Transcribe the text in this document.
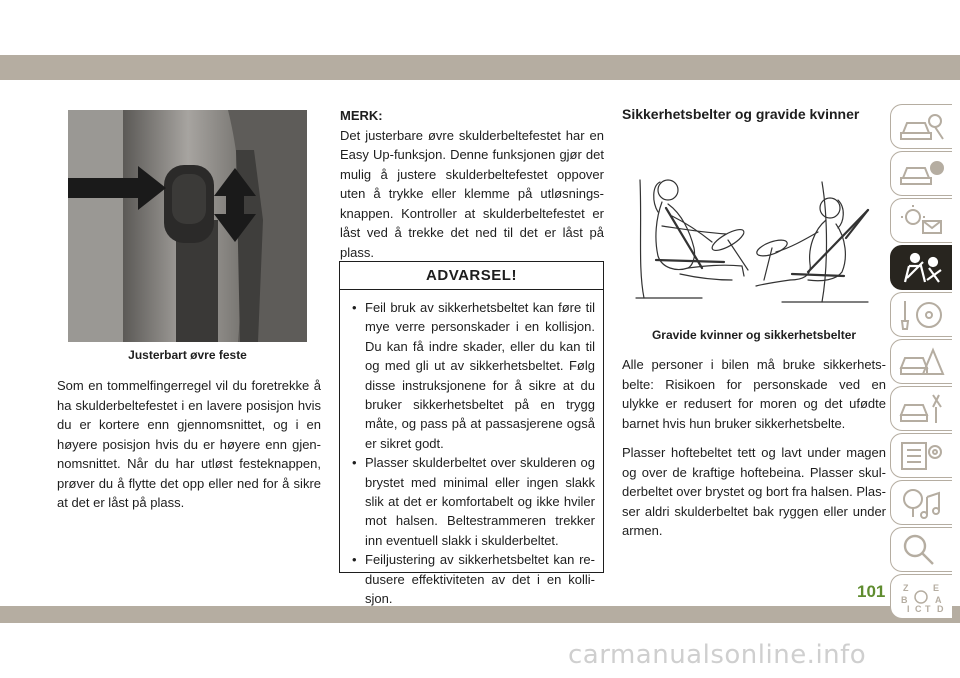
Justerbart øvre feste

Som en tommelfingerregel vil du foretrekke å ha skulderbeltefestet i en lavere posisjon hvis du er kortere enn gjennomsnittet, og i en høyere posisjon hvis du er høyere enn gjen-nomsnittet. Når du har utløst festeknappen, prøver du å flytte det opp eller ned for å sikre at det er låst på plass.

MERK:

Det justerbare øvre skulderbeltefestet har en Easy Up-funksjon. Denne funksjonen gjør det mulig å justere skulderbeltefestet oppover uten å trykke eller klemme på utløsnings-knappen. Kontroller at skulderbeltefestet er låst ved å trekke det ned til det er låst på plass.

ADVARSEL!
• Feil bruk av sikkerhetsbeltet kan føre til mye verre personskader i en kollisjon. Du kan få indre skader, eller du kan til og med gli ut av sikkerhetsbeltet. Følg disse instruksjonene for å sikre at du bruker sikkerhetsbeltet på en trygg måte, og pass på at passasjerene også er sikret godt.
• Plasser skulderbeltet over skulderen og brystet med minimal eller ingen slakk slik at det er komfortabelt og ikke hviler mot halsen. Beltestrammeren trekker inn eventuell slakk i skulderbeltet.
• Feiljustering av sikkerhetsbeltet kan re-dusere effektiviteten av det i en kolli-sjon.
Sikkerhetsbelter og gravide kvinner
Gravide kvinner og sikkerhetsbelter

Alle personer i bilen må bruke sikkerhets-belte: Risikoen for personskade ved en ulykke er redusert for moren og det ufødte barnet hvis hun bruker sikkerhetsbelte.

Plasser hoftebeltet tett og lavt under magen og over de kraftige hoftebeina. Plasser skul-derbeltet over brystet og bort fra halsen. Plas-ser aldri skulderbeltet bak ryggen eller under armen.

Z	E
B	A
I C T D
101
carmanualsonline.info
